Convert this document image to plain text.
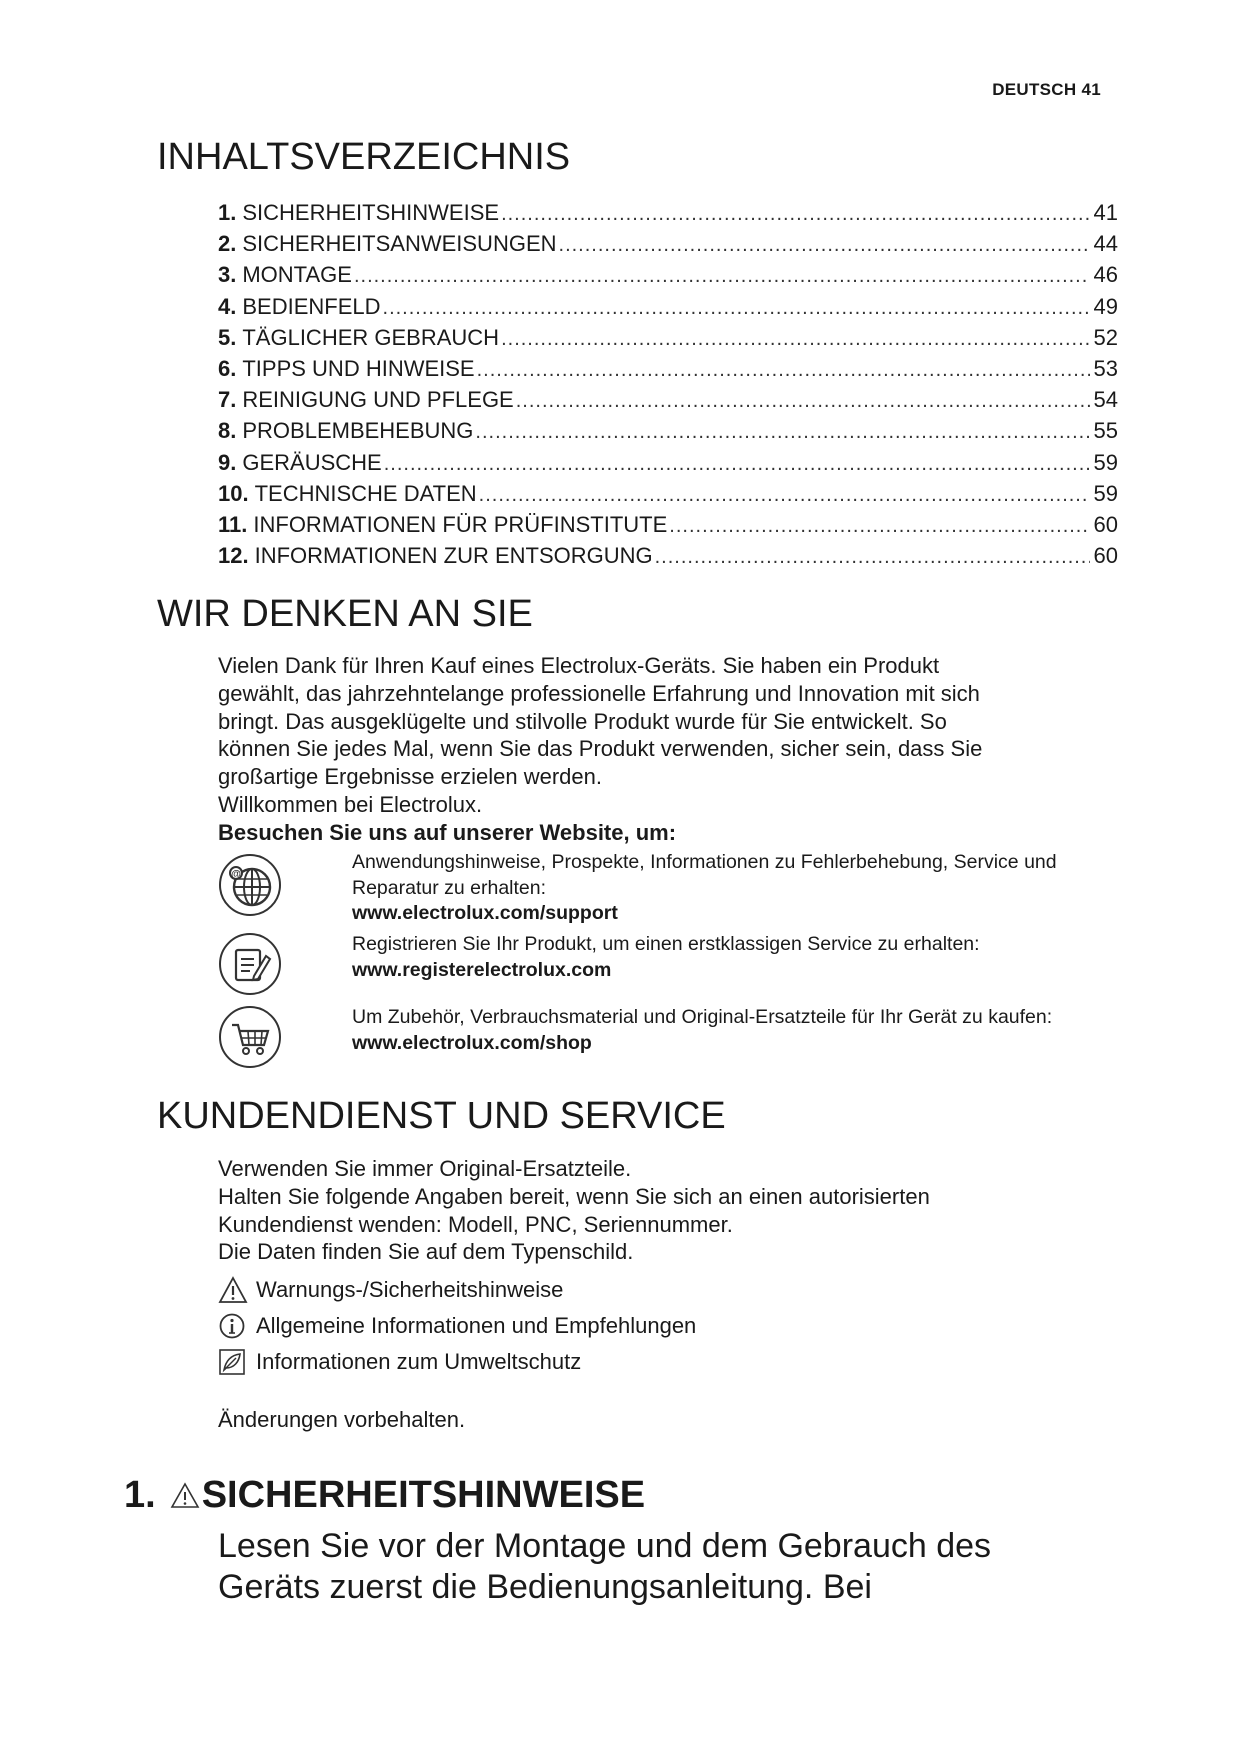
DEUTSCH 41
INHALTSVERZEICHNIS
1. SICHERHEITSHINWEISE .....	41
2. SICHERHEITSANWEISUNGEN .....	44
3. MONTAGE .....	46
4. BEDIENFELD .....	49
5. TÄGLICHER GEBRAUCH .....	52
6. TIPPS UND HINWEISE .....	53
7. REINIGUNG UND PFLEGE .....	54
8. PROBLEMBEHEBUNG .....	55
9. GERÄUSCHE .....	59
10. TECHNISCHE DATEN .....	59
11. INFORMATIONEN FÜR PRÜFINSTITUTE .....	60
12. INFORMATIONEN ZUR ENTSORGUNG .....	60
WIR DENKEN AN SIE

Vielen Dank für Ihren Kauf eines Electrolux-Geräts. Sie haben ein Produkt

gewählt, das jahrzehntelange professionelle Erfahrung und Innovation mit sich

bringt. Das ausgeklügelte und stilvolle Produkt wurde für Sie entwickelt. So

können Sie jedes Mal, wenn Sie das Produkt verwenden, sicher sein, dass Sie

großartige Ergebnisse erzielen werden.

Willkommen bei Electrolux.

Besuchen Sie uns auf unserer Website, um:

@
Anwendungshinweise, Prospekte, Informationen zu Fehlerbehebung, Service und Reparatur zu erhalten:
www.electrolux.com/support
Registrieren Sie Ihr Produkt, um einen erstklassigen Service zu erhalten:
www.registerelectrolux.com
Um Zubehör, Verbrauchsmaterial und Original-Ersatzteile für Ihr Gerät zu kaufen:
www.electrolux.com/shop
KUNDENDIENST UND SERVICE

Verwenden Sie immer Original-Ersatzteile.

Halten Sie folgende Angaben bereit, wenn Sie sich an einen autorisierten

Kundendienst wenden: Modell, PNC, Seriennummer.

Die Daten finden Sie auf dem Typenschild.

Warnungs-/Sicherheitshinweise
Allgemeine Informationen und Empfehlungen
Informationen zum Umweltschutz
Änderungen vorbehalten.
1. SICHERHEITSHINWEISE
Lesen Sie vor der Montage und dem Gebrauch des
Geräts zuerst die Bedienungsanleitung. Bei
